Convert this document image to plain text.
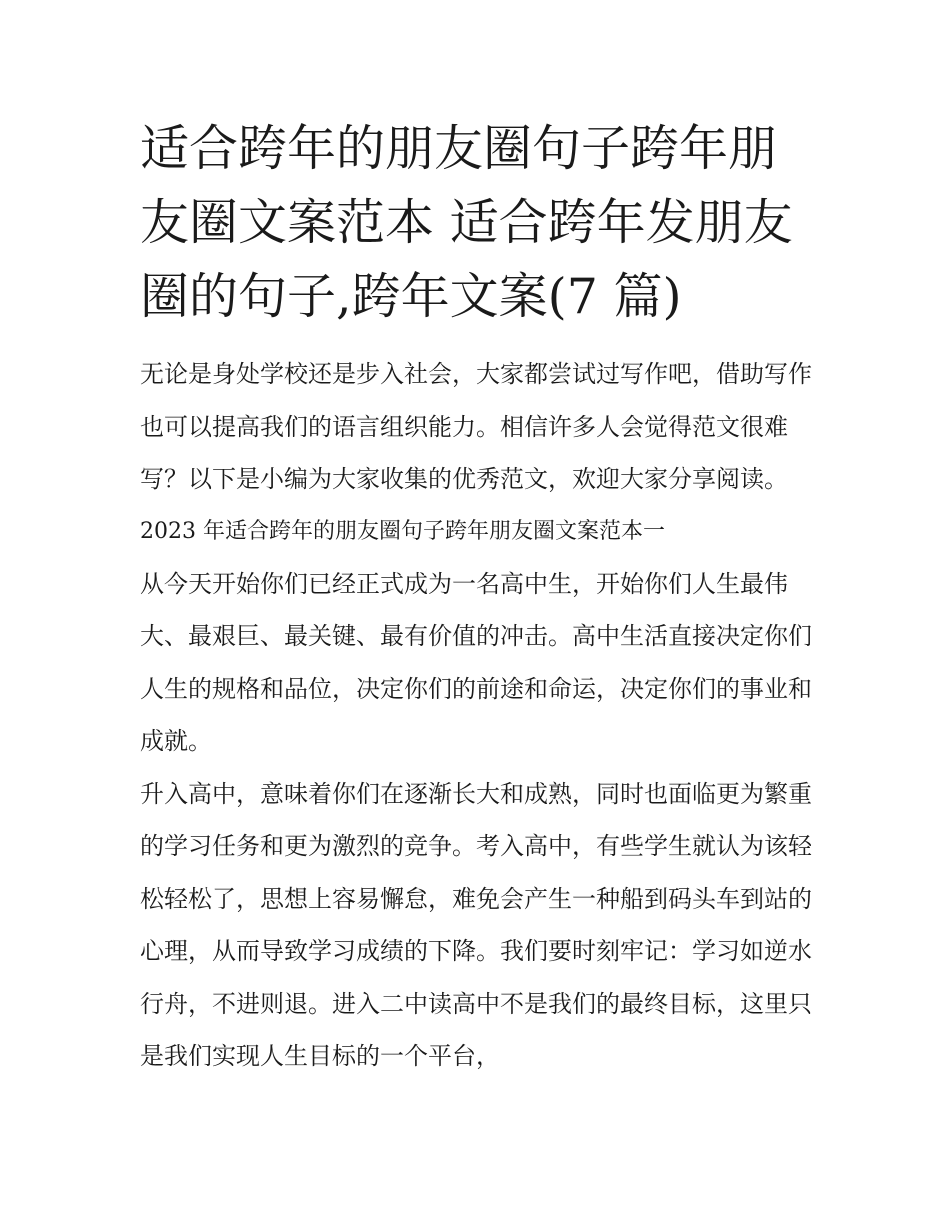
适合跨年的朋友圈句子跨年朋友圈文案范本 适合跨年发朋友圈的句子,跨年文案(7 篇)

无论是身处学校还是步入社会，大家都尝试过写作吧，借助写作也可以提高我们的语言组织能力。相信许多人会觉得范文很难写？以下是小编为大家收集的优秀范文，欢迎大家分享阅读。

2023 年适合跨年的朋友圈句子跨年朋友圈文案范本一

从今天开始你们已经正式成为一名高中生，开始你们人生最伟大、最艰巨、最关键、最有价值的冲击。高中生活直接决定你们人生的规格和品位，决定你们的前途和命运，决定你们的事业和成就。

升入高中，意味着你们在逐渐长大和成熟，同时也面临更为繁重的学习任务和更为激烈的竞争。考入高中，有些学生就认为该轻松轻松了，思想上容易懈怠，难免会产生一种船到码头车到站的心理，从而导致学习成绩的下降。我们要时刻牢记：学习如逆水行舟，不进则退。进入二中读高中不是我们的最终目标，这里只是我们实现人生目标的一个平台，
